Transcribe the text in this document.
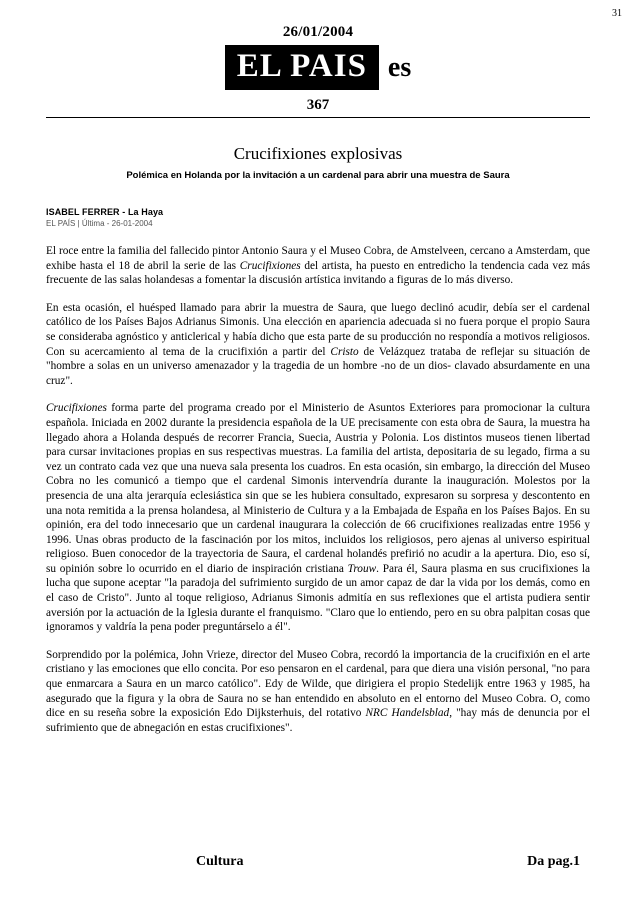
31
26/01/2004
EL PAIS es
367
Crucifixiones explosivas
Polémica en Holanda por la invitación a un cardenal para abrir una muestra de Saura
ISABEL FERRER - La Haya
EL PAÍS | Última - 26-01-2004

El roce entre la familia del fallecido pintor Antonio Saura y el Museo Cobra, de Amstelveen, cercano a Amsterdam, que exhibe hasta el 18 de abril la serie de las Crucifixiones del artista, ha puesto en entredicho la tendencia cada vez más frecuente de las salas holandesas a fomentar la discusión artística invitando a figuras de lo más diverso.

En esta ocasión, el huésped llamado para abrir la muestra de Saura, que luego declinó acudir, debía ser el cardenal católico de los Países Bajos Adrianus Simonis. Una elección en apariencia adecuada si no fuera porque el propio Saura se consideraba agnóstico y anticlerical y había dicho que esta parte de su producción no respondía a motivos religiosos. Con su acercamiento al tema de la crucifixión a partir del Cristo de Velázquez trataba de reflejar su situación de "hombre a solas en un universo amenazador y la tragedia de un hombre -no de un dios- clavado absurdamente en una cruz".

Crucifixiones forma parte del programa creado por el Ministerio de Asuntos Exteriores para promocionar la cultura española. Iniciada en 2002 durante la presidencia española de la UE precisamente con esta obra de Saura, la muestra ha llegado ahora a Holanda después de recorrer Francia, Suecia, Austria y Polonia. Los distintos museos tienen libertad para cursar invitaciones propias en sus respectivas muestras. La familia del artista, depositaria de su legado, firma a su vez un contrato cada vez que una nueva sala presenta los cuadros. En esta ocasión, sin embargo, la dirección del Museo Cobra no les comunicó a tiempo que el cardenal Simonis intervendría durante la inauguración. Molestos por la presencia de una alta jerarquía eclesiástica sin que se les hubiera consultado, expresaron su sorpresa y descontento en una nota remitida a la prensa holandesa, al Ministerio de Cultura y a la Embajada de España en los Países Bajos. En su opinión, era del todo innecesario que un cardenal inaugurara la colección de 66 crucifixiones realizadas entre 1956 y 1996. Unas obras producto de la fascinación por los mitos, incluidos los religiosos, pero ajenas al universo espiritual religioso. Buen conocedor de la trayectoria de Saura, el cardenal holandés prefirió no acudir a la apertura. Dio, eso sí, su opinión sobre lo ocurrido en el diario de inspiración cristiana Trouw. Para él, Saura plasma en sus crucifixiones la lucha que supone aceptar "la paradoja del sufrimiento surgido de un amor capaz de dar la vida por los demás, como en el caso de Cristo". Junto al toque religioso, Adrianus Simonis admitía en sus reflexiones que el artista pudiera sentir aversión por la actuación de la Iglesia durante el franquismo. "Claro que lo entiendo, pero en su obra palpitan cosas que ignoramos y valdría la pena poder preguntárselo a él".

Sorprendido por la polémica, John Vrieze, director del Museo Cobra, recordó la importancia de la crucifixión en el arte cristiano y las emociones que ello concita. Por eso pensaron en el cardenal, para que diera una visión personal, "no para que enmarcara a Saura en un marco católico". Edy de Wilde, que dirigiera el propio Stedelijk entre 1963 y 1985, ha asegurado que la figura y la obra de Saura no se han entendido en absoluto en el entorno del Museo Cobra. O, como dice en su reseña sobre la exposición Edo Dijksterhuis, del rotativo NRC Handelsblad, "hay más de denuncia por el sufrimiento que de abnegación en estas crucifixiones".

Cultura	Da pag.1
